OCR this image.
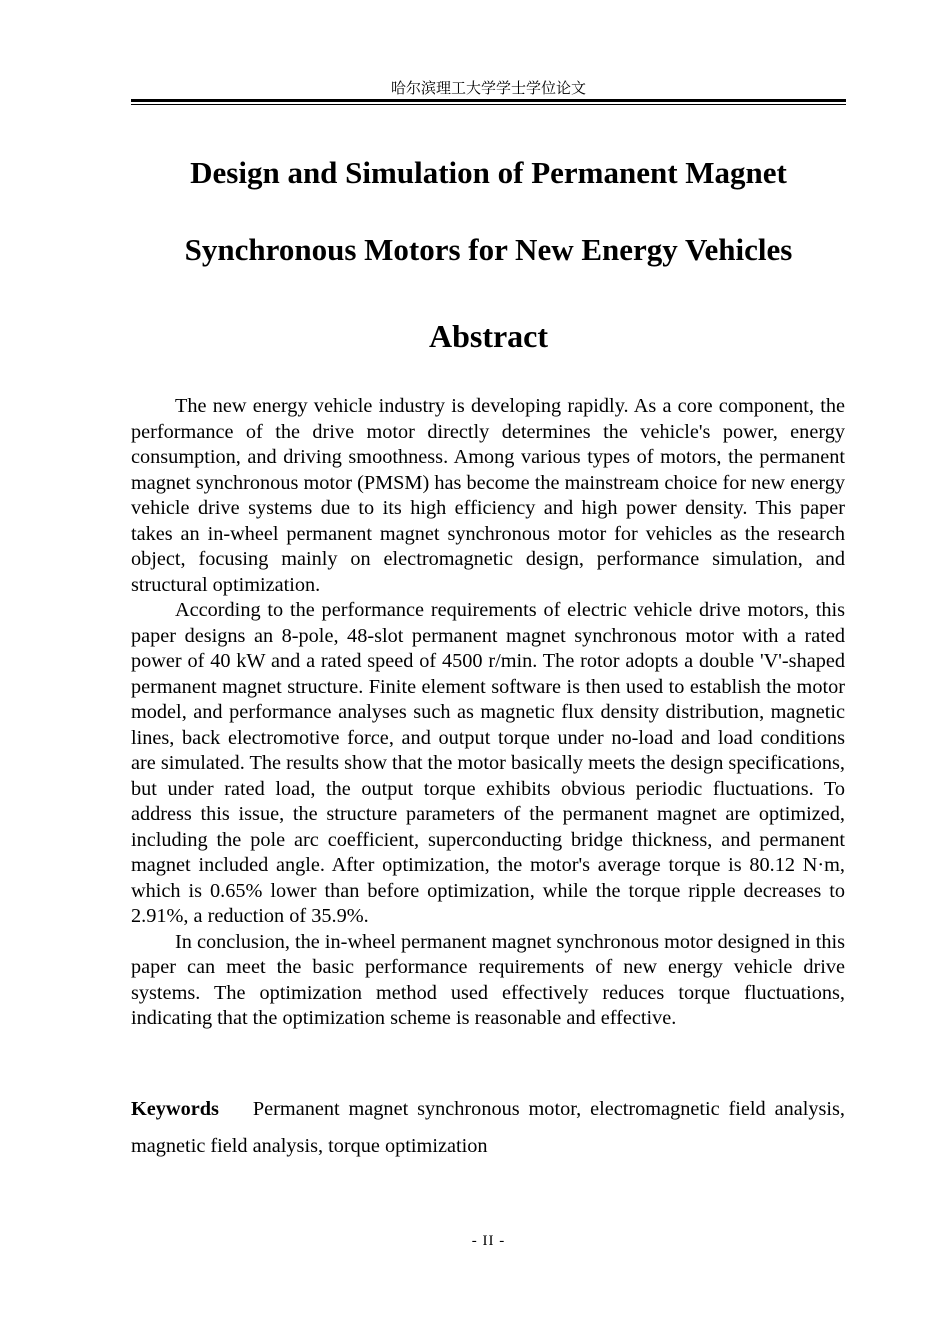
哈尔滨理工大学学士学位论文
Design and Simulation of Permanent Magnet
Synchronous Motors for New Energy Vehicles
Abstract

The new energy vehicle industry is developing rapidly. As a core component, the performance of the drive motor directly determines the vehicle's power, energy consumption, and driving smoothness. Among various types of motors, the permanent magnet synchronous motor (PMSM) has become the mainstream choice for new energy vehicle drive systems due to its high efficiency and high power density. This paper takes an in-wheel permanent magnet synchronous motor for vehicles as the research object, focusing mainly on electromagnetic design, performance simulation, and structural optimization.

According to the performance requirements of electric vehicle drive motors, this paper designs an 8-pole, 48-slot permanent magnet synchronous motor with a rated power of 40 kW and a rated speed of 4500 r/min. The rotor adopts a double 'V'-shaped permanent magnet structure. Finite element software is then used to establish the motor model, and performance analyses such as magnetic flux density distribution, magnetic lines, back electromotive force, and output torque under no-load and load conditions are simulated. The results show that the motor basically meets the design specifications, but under rated load, the output torque exhibits obvious periodic fluctuations. To address this issue, the structure parameters of the permanent magnet are optimized, including the pole arc coefficient, superconducting bridge thickness, and permanent magnet included angle. After optimization, the motor's average torque is 80.12 N·m, which is 0.65% lower than before optimization, while the torque ripple decreases to 2.91%, a reduction of 35.9%.

In conclusion, the in-wheel permanent magnet synchronous motor designed in this paper can meet the basic performance requirements of new energy vehicle drive systems. The optimization method used effectively reduces torque fluctuations, indicating that the optimization scheme is reasonable and effective.

Keywords Permanent magnet synchronous motor, electromagnetic field analysis, magnetic field analysis, torque optimization

- II -
